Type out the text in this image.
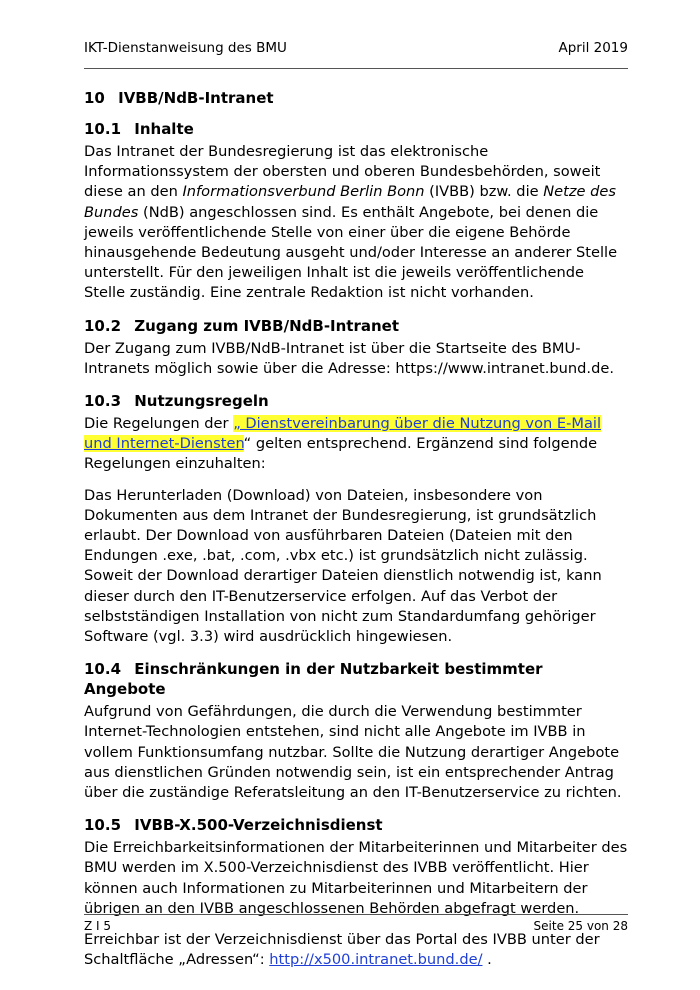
IKT-Dienstanweisung des BMU	April 2019
10 IVBB/NdB-Intranet
10.1 Inhalte

Das Intranet der Bundesregierung ist das elektronische Informationssystem der obersten und oberen Bundesbehörden, soweit diese an den Informationsverbund Berlin Bonn (IVBB) bzw. die Netze des Bundes (NdB) angeschlossen sind. Es enthält Angebote, bei denen die jeweils veröffentlichende Stelle von einer über die eigene Behörde hinausgehende Bedeutung ausgeht und/oder Interesse an anderer Stelle unterstellt. Für den jeweiligen Inhalt ist die jeweils veröffentlichende Stelle zuständig. Eine zentrale Redaktion ist nicht vorhanden.

10.2 Zugang zum IVBB/NdB-Intranet

Der Zugang zum IVBB/NdB-Intranet ist über die Startseite des BMU-Intranets möglich sowie über die Adresse: https://www.intranet.bund.de.

10.3 Nutzungsregeln

Die Regelungen der „ Dienstvereinbarung über die Nutzung von E-Mail und Internet-Diensten“ gelten entsprechend. Ergänzend sind folgende Regelungen einzuhalten:

Das Herunterladen (Download) von Dateien, insbesondere von Dokumenten aus dem Intranet der Bundesregierung, ist grundsätzlich erlaubt. Der Download von ausführbaren Dateien (Dateien mit den Endungen .exe, .bat, .com, .vbx etc.) ist grundsätzlich nicht zulässig. Soweit der Download derartiger Dateien dienstlich notwendig ist, kann dieser durch den IT-Benutzerservice erfolgen. Auf das Verbot der selbstständigen Installation von nicht zum Standardumfang gehöriger Software (vgl. 3.3) wird ausdrücklich hingewiesen.

10.4 Einschränkungen in der Nutzbarkeit bestimmter Angebote

Aufgrund von Gefährdungen, die durch die Verwendung bestimmter Internet-Technologien entstehen, sind nicht alle Angebote im IVBB in vollem Funktionsumfang nutzbar. Sollte die Nutzung derartiger Angebote aus dienstlichen Gründen notwendig sein, ist ein entsprechender Antrag über die zuständige Referatsleitung an den IT-Benutzerservice zu richten.

10.5 IVBB-X.500-Verzeichnisdienst

Die Erreichbarkeitsinformationen der Mitarbeiterinnen und Mitarbeiter des BMU werden im X.500-Verzeichnisdienst des IVBB veröffentlicht. Hier können auch Informationen zu Mitarbeiterinnen und Mitarbeitern der übrigen an den IVBB angeschlossenen Behörden abgefragt werden.

Erreichbar ist der Verzeichnisdienst über das Portal des IVBB unter der Schaltfläche „Adressen“: http://x500.intranet.bund.de/ .

Z I 5	Seite 25 von 28
